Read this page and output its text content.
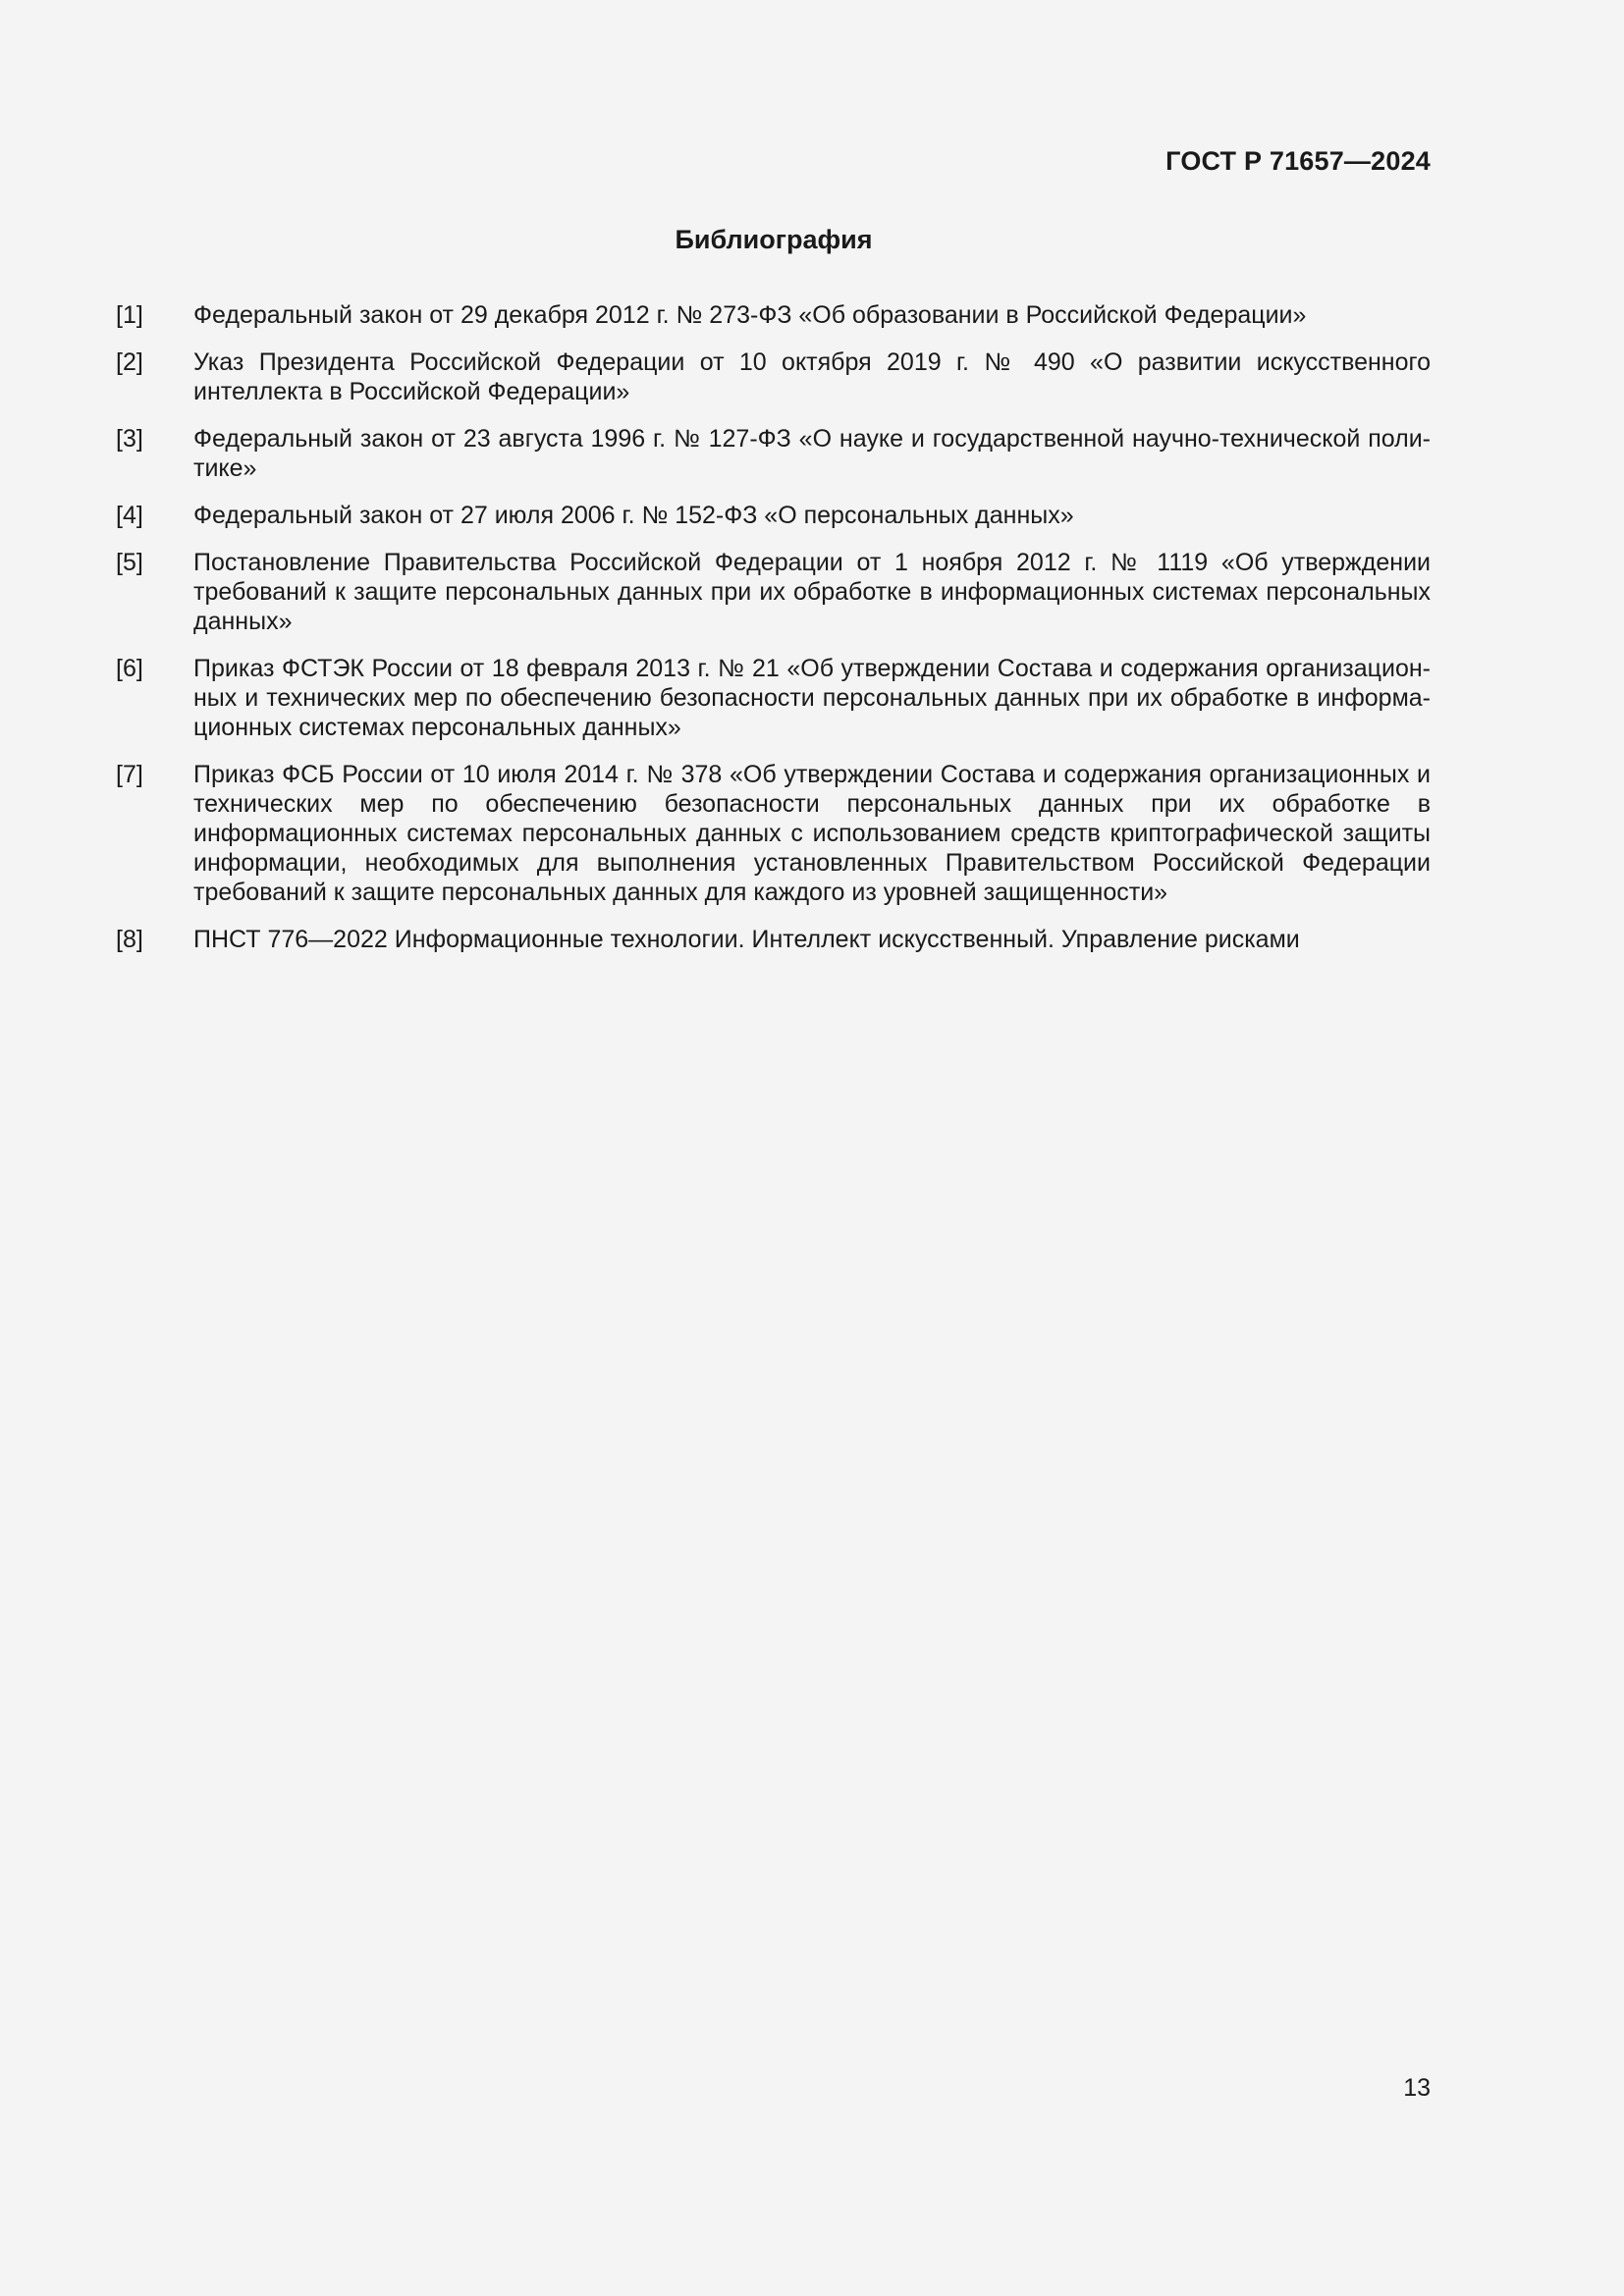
ГОСТ Р 71657—2024
Библиография
[1] Федеральный закон от 29 декабря 2012 г. № 273-ФЗ «Об образовании в Российской Федерации»
[2] Указ Президента Российской Федерации от 10 октября 2019 г. № 490 «О развитии искусственного интеллекта в Российской Федерации»
[3] Федеральный закон от 23 августа 1996 г. № 127-ФЗ «О науке и государственной научно-технической политике»
[4] Федеральный закон от 27 июля 2006 г. № 152-ФЗ «О персональных данных»
[5] Постановление Правительства Российской Федерации от 1 ноября 2012 г. № 1119 «Об утверждении требований к защите персональных данных при их обработке в информационных системах персональных данных»
[6] Приказ ФСТЭК России от 18 февраля 2013 г. № 21 «Об утверждении Состава и содержания организационных и технических мер по обеспечению безопасности персональных данных при их обработке в информационных системах персональных данных»
[7] Приказ ФСБ России от 10 июля 2014 г. № 378 «Об утверждении Состава и содержания организационных и технических мер по обеспечению безопасности персональных данных при их обработке в информационных системах персональных данных с использованием средств криптографической защиты информации, необходимых для выполнения установленных Правительством Российской Федерации требований к защите персональных данных для каждого из уровней защищенности»
[8] ПНСТ 776—2022 Информационные технологии. Интеллект искусственный. Управление рисками
13
